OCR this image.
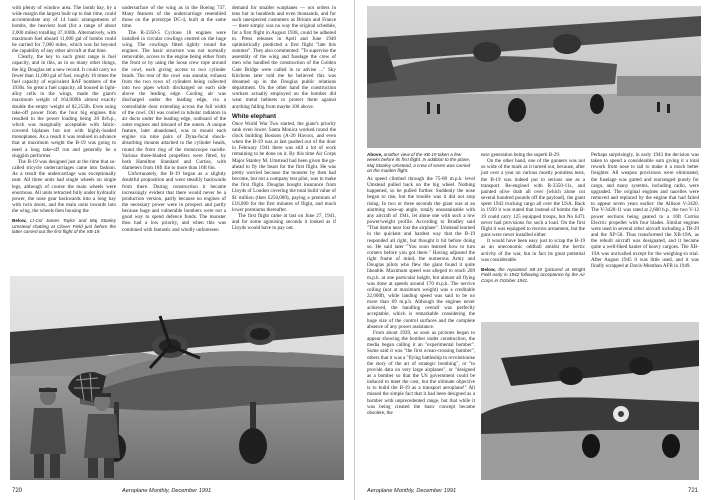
with plenty of window area. The bomb bay, by a wide margin the largest built up to that time, could accommodate any of 14 basic arrangements of bombs, the heaviest load (for a range of about 2,000 miles) totalling 37,100lb. Alternatively, with maximum fuel aboard 11,000 gal of bombs could be carried for 7,000 miles, which was far beyond the capability of any other aircraft at that time.

Clearly, the key to such great range is fuel capacity, and in this, as in so many other things, the big Douglas set a new record. It could carry no fewer than 11,000 gal of fuel, roughly 16 times the fuel capacity of equivalent RAF bombers of the 1930s. So great a fuel capacity, all housed in light-alloy cells in the wings, made the giant's maximum weight of 164,000lb almost exactly double the empty weight of 82,253lb. Even using take-off power from the four big engines this resulted in the power loading being 20 lb/h.p., which was marginally acceptable with fabric-covered biplanes but not with highly-loaded monoplanes. As a result it was realised in advance that at maximum weight the B-19 was going to need a long take-off run and generally be a sluggish performer.

The B-19 was designed just at the time that so-called tricycle undercarriages came into fashion. As a result the undercarriage was exceptionally neat. All three units had single wheels on single legs, although of course the main wheels were enormous. All units retracted fully under hydraulic power, the nose gear backwards into a long bay with twin doors, and the main units inwards into the wing, the wheels then housing the

Below, Lt-Col James Taylor and Maj Stanley Umstead chatting at Clover Field just before the latter carried out the first flight of the XB-19.

undersurface of the wing as in the Boeing 737. Many features of the undercarriage resembled those on the prototype DC-4, built at the same time.

The R-3350-5 Cyclone 18 engines were installed in circular cowlings centred on the huge wing. The cowlings fitted tightly round the engines. The basic structure was not normally removable, access to the engine being either from the front or by using the loose crew rope around the cowl, each giving access to two cylinder heads. The rear of the cowl was annular, exhaust from the two rows of cylinders being collected into two pipes which discharged on each side above the leading edge. Cooling air was discharged under the leading edge, via a controllable door extending across the full width of the cowl. Oil was cooled in tubular radiators in air ducts under the leading edge, outboard of the outer engines and inboard of the outers. A unique feature, later abandoned, was to mount each engine via nine pairs of Dyna-focal shock-absorbing mounts attached to the cylinder heads, round the front ring of the monocoque nacelle. Various three-bladed propellers were fitted, by both Hamilton Standard and Curtiss, with diameters from 16ft 4in to more than 16ft 6in.

Unfortunately, the B-19 began as a slightly doubtful proposition and went steadily backwards from there. During construction it became increasingly evident that there would never be a production version, partly because no engines of the necessary power were in prospect and partly because huge and vulnerable bombers were not a good way to spend defence funds. The monster thus had a low priority, and when this was combined with fantastic and wholly unforeseen

demand for smaller warplanes — not orders in tens but in hundreds and even thousands, and for such unexpected customers as Britain and France — there simply was no way the original schedule, for a first flight in August 1938, could be adhered to. Press releases in April and June 1940 optimistically predicted a first flight "late this summer". They also commented: "To supervise the assembly of the wing and fuselage the crew of men who handled the construction of the Golden Gate Bridge were called in to advise ..." Sky Kitchens later told me he believed this was dreamed up in the Douglas public relations department. On the other hand the construction workers actually employed on the bomber did wear metal helmets to protect them against anything falling from maybe 100 above.

White elephant

Once World War Two started, the giant's priority sank even lower. Santa Monica worked round the clock building Bostons (A-20 Havocs, and even when the B-19 was at last pushed out of the door in February 1941 there was still a lot of work remaining to be done on it. By this time Air Corps Major Stanley M. Umstead had been given the go-ahead to fly the beast for the first flight. He was pretty worried because the monster by then had become, but not a company test pilot, was to make the first flight. Douglas bought insurance from Lloyds of London covering the total build value of $1 million (then £250,000), paying a premium of £16,000 for the first minutes of flight, and much lower premiums thereafter.

The first flight came at last on June 27, 1941, and for some agonising seconds it looked as if Lloyds would have to pay out.

Aeroplane Monthly, December 1991
720
Above, another view of the XB-19 taken a few weeks before its first flight. In addition to the plane, Maj Stanley Umstead, a crew of seven was carried on the maiden flight.

As speed climbed through the 75-80 m.p.h. level Umstead pulled back on the big wheel. Nothing happened, so he pulled further. Suddenly the nose began to rise, but the trouble was it did not stop rising. In two or three seconds the giant was at an alarming nose-up angle, totally unsustainable with any aircraft of 1941, let alone one with such a low power/weight profile. According to Bradley said "That damn near lost the airplane". Umstead learned in the quickest and hardest way that the B-19 responded all right, but thought it hit before doing so. He said later "You soon learned how to turn corners before you got there." Having adjusted the right frame of mind, the numerous Army and Douglas pilots who flew the giant found it quite likeable. Maximum speed was alleged to reach 209 m.p.h. at one particular height, but almost all flying was done at speeds around 170 m.p.h. The service ceiling (not at maximum weight) was a creditable 22,000ft, while landing speed was said to be no more than 69 m.p.h. Although the engines never achieved, the handling overall was perfectly acceptable, which is remarkable considering the huge size of the control surfaces and the complete absence of any power assistance.

From about 1939, as soon as pictures began to appear showing the bomber under construction, the media began calling it an "experimental bomber". Some said it was "the first ocean-crossing bomber", others that it was a "flying battleship to revolutionise the story of the art of strategic bombing", or "to provide data on very large airplanes", or "designed as a bomber so that the US government could be induced to meet the cost, but the ultimate objective is to build the B-19 as a transport aeroplane!" All missed the simple fact that it had been designed as a bomber with unprecedented range, but that while it was being created the basic concept became obsolete, the

next generation being the superb B-29.

On the other hand, one of the gunners was not so wide of the mark as it turned out, because, after just over a year on various mostly pointless tests, the B-19 was indeed put to serious use as a transport. Re-engined with R-3350-11s, and painted olive drab all over (which alone cut several hundred pounds off the payload), the giant spent 1942 trucking cargo all over the USA. Back in 1939 it was stated that instead of bombs the B-19 could carry 125 equipped troops, but No 6471 never had provisions for such a load. On the first flight it was equipped to receive armament, but the guns were never installed either.

It would have been easy just to scrap the B-19 as an uneconomic oddball amidst the hectic activity of the war, but in fact its great potential was considerable.

Below, the repainted XB-19 (pictured at Wright Field early in 1942 following acceptance by the Air Corps in October 1941.

Perhaps surprisingly, in early 1943 the decision was taken to spend a considerable sum giving it a total rework from nose to tail to make it a much better freighter. All weapon provisions were eliminated, the fuselage was gutted and rearranged purely for cargo, and many systems, including radio, were upgraded. The original engines and nacelles were removed and replaced by the engine that had failed to appear seven years earlier: the Allison V-3420. The V-3420-11 was rated at 2,600 h.p., the two V-12 power sections being geared to a 16ft Curtiss Electric propeller with four blades. Similar engines were used in several other aircraft including a TB-29 and the XP-58. Thus transformed the XB-19A, as the rebuilt aircraft was designated, and it became quite a well-liked hauler of heavy cargoes. The XB-19A was unrivalled except for the weighing-in trial. After August 1945 it was little used, and it was finally scrapped at Davis-Monthan AFB in 1949.

Aeroplane Monthly, December 1991	721
